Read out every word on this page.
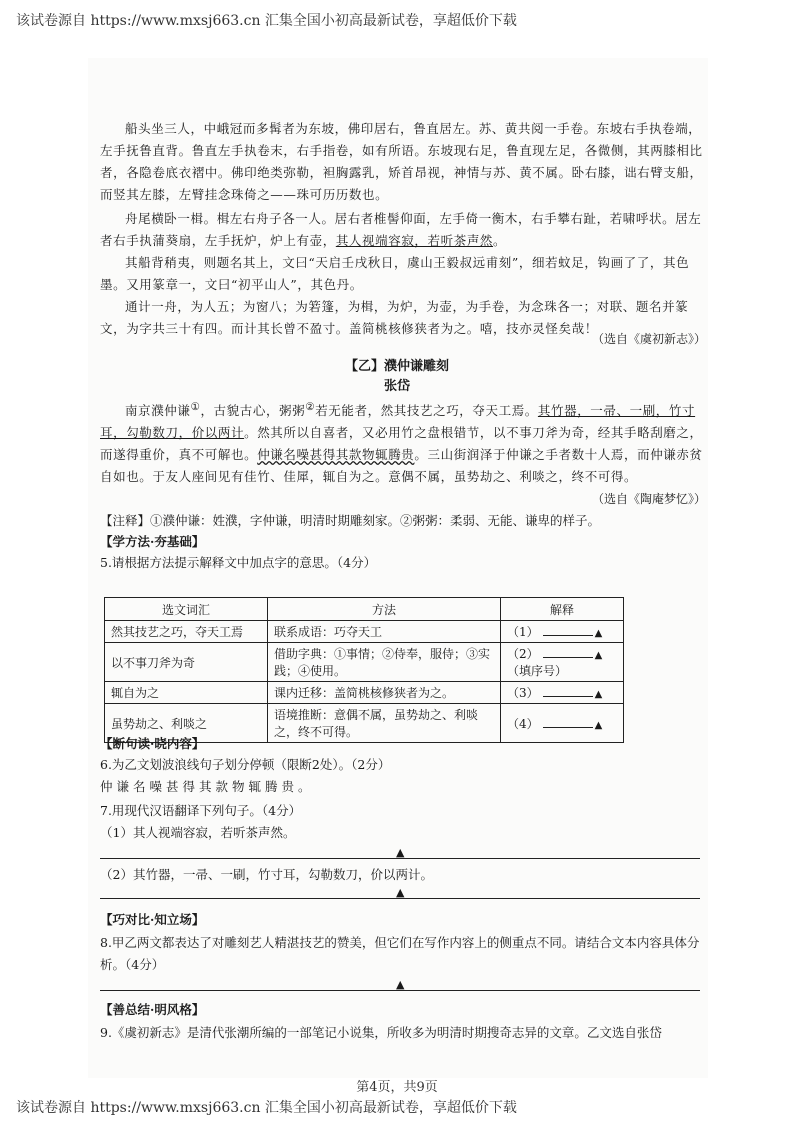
该试卷源自 https://www.mxsj663.cn 汇集全国小初高最新试卷，享超低价下载
船头坐三人，中峨冠而多髯者为东坡，佛印居右，鲁直居左。苏、黄共阅一手卷。东坡右手执卷端，左手抚鲁直背。鲁直左手执卷末，右手指卷，如有所语。东坡现右足，鲁直现左足，各微侧，其两膝相比者，各隐卷底衣褶中。佛印绝类弥勒，袒胸露乳，矫首昂视，神情与苏、黄不属。卧右膝，诎右臂支船，而竖其左膝，左臂挂念珠倚之——珠可历历数也。
舟尾横卧一楫。楫左右舟子各一人。居右者椎髻仰面，左手倚一衡木，右手攀右趾，若啸呼状。居左者右手执蒲葵扇，左手抚炉，炉上有壶，其人视端容寂，若听茶声然。
其船背稍夷，则题名其上，文曰“天启壬戌秋日，虞山王毅叔远甫刻”，细若蚊足，钩画了了，其色墨。又用篆章一，文曰“初平山人”，其色丹。
通计一舟，为人五；为窗八；为箬篷，为楫，为炉，为壶，为手卷，为念珠各一；对联、题名并篆文，为字共三十有四。而计其长曾不盈寸。盖简桃核修狭者为之。嘻，技亦灵怪矣哉！
（选自《虞初新志》）
【乙】濮仲谦雕刻
张岱
南京濮仲谦①，古貌古心，粥粥②若无能者，然其技艺之巧，夺天工焉。其竹器，一帚、一刷，竹寸耳，勾勒数刀，价以两计。然其所以自喜者，又必用竹之盘根错节，以不事刀斧为奇，经其手略刮磨之，而遂得重价，真不可解也。仲谦名噪甚得其款物辄腾贵。三山街润泽于仲谦之手者数十人焉，而仲谦赤贫自如也。于友人座间见有佳竹、佳犀，辄自为之。意偶不属，虽势劫之、利啖之，终不可得。
（选自《陶庵梦忆》）
【注释】①濮仲谦：姓濮，字仲谦，明清时期雕刻家。②粥粥：柔弱、无能、谦卑的样子。
【学方法·夯基础】
5.请根据方法提示解释文中加点字的意思。（4分）
选文词汇	方法	解释
然其技艺之巧，夺天工焉	联系成语：巧夺天工	（1） ▲
以不事刀斧为奇	借助字典：①事情；②侍奉，服侍；③实践；④使用。	（2） ▲
（填序号）
辄自为之	课内迁移：盖简桃核修狭者为之。	（3） ▲
虽势劫之、利啖之	语境推断：意偶不属，虽势劫之、利啖之，终不可得。	（4） ▲
【断句读·晓内容】
6.为乙文划波浪线句子划分停顿（限断2处）。（2分）
仲谦名噪甚得其款物辄腾贵。
7.用现代汉语翻译下列句子。（4分）
（1）其人视端容寂，若听茶声然。
▲
（2）其竹器，一帚、一刷，竹寸耳，勾勒数刀，价以两计。
▲
【巧对比·知立场】
8.甲乙两文都表达了对雕刻艺人精湛技艺的赞美，但它们在写作内容上的侧重点不同。请结合文本内容具体分析。（4分）
▲
【善总结·明风格】
9.《虞初新志》是清代张潮所编的一部笔记小说集，所收多为明清时期搜奇志异的文章。乙文选自张岱
第4页，共9页
该试卷源自 https://www.mxsj663.cn 汇集全国小初高最新试卷，享超低价下载
